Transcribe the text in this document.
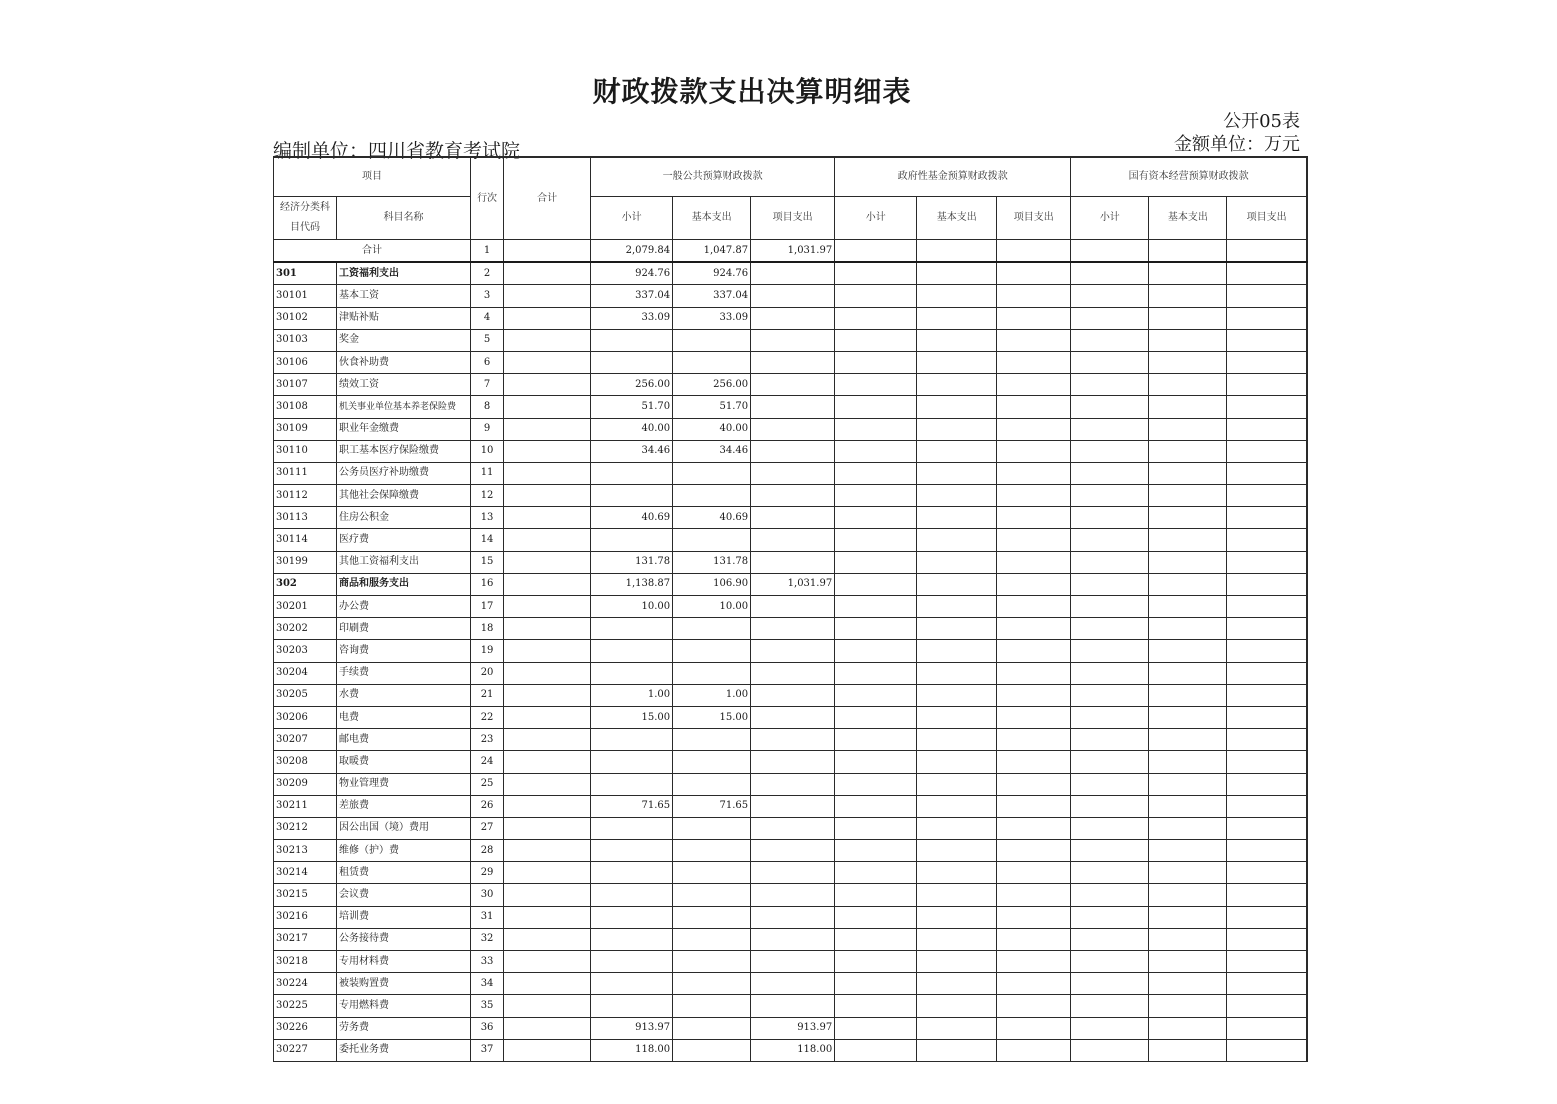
财政拨款支出决算明细表
公开05表
金额单位：万元
编制单位：四川省教育考试院
项目		行次	合计	一般公共预算财政拨款			政府性基金预算财政拨款			国有资本经营预算财政拨款		
经济分类科目代码	科目名称			小计	基本支出	项目支出	小计	基本支出	项目支出	小计	基本支出	项目支出
合计		1		2,079.84	1,047.87	1,031.97						
301	工资福利支出	2		924.76	924.76							
30101	基本工资	3		337.04	337.04							
30102	津贴补贴	4		33.09	33.09							
30103	奖金	5										
30106	伙食补助费	6										
30107	绩效工资	7		256.00	256.00							
30108	机关事业单位基本养老保险费	8		51.70	51.70							
30109	职业年金缴费	9		40.00	40.00							
30110	职工基本医疗保险缴费	10		34.46	34.46							
30111	公务员医疗补助缴费	11										
30112	其他社会保障缴费	12										
30113	住房公积金	13		40.69	40.69							
30114	医疗费	14										
30199	其他工资福利支出	15		131.78	131.78							
302	商品和服务支出	16		1,138.87	106.90	1,031.97						
30201	办公费	17		10.00	10.00							
30202	印刷费	18										
30203	咨询费	19										
30204	手续费	20										
30205	水费	21		1.00	1.00							
30206	电费	22		15.00	15.00							
30207	邮电费	23										
30208	取暖费	24										
30209	物业管理费	25										
30211	差旅费	26		71.65	71.65							
30212	因公出国（境）费用	27										
30213	维修（护）费	28										
30214	租赁费	29										
30215	会议费	30										
30216	培训费	31										
30217	公务接待费	32										
30218	专用材料费	33										
30224	被装购置费	34										
30225	专用燃料费	35										
30226	劳务费	36		913.97		913.97						
30227	委托业务费	37		118.00		118.00						
